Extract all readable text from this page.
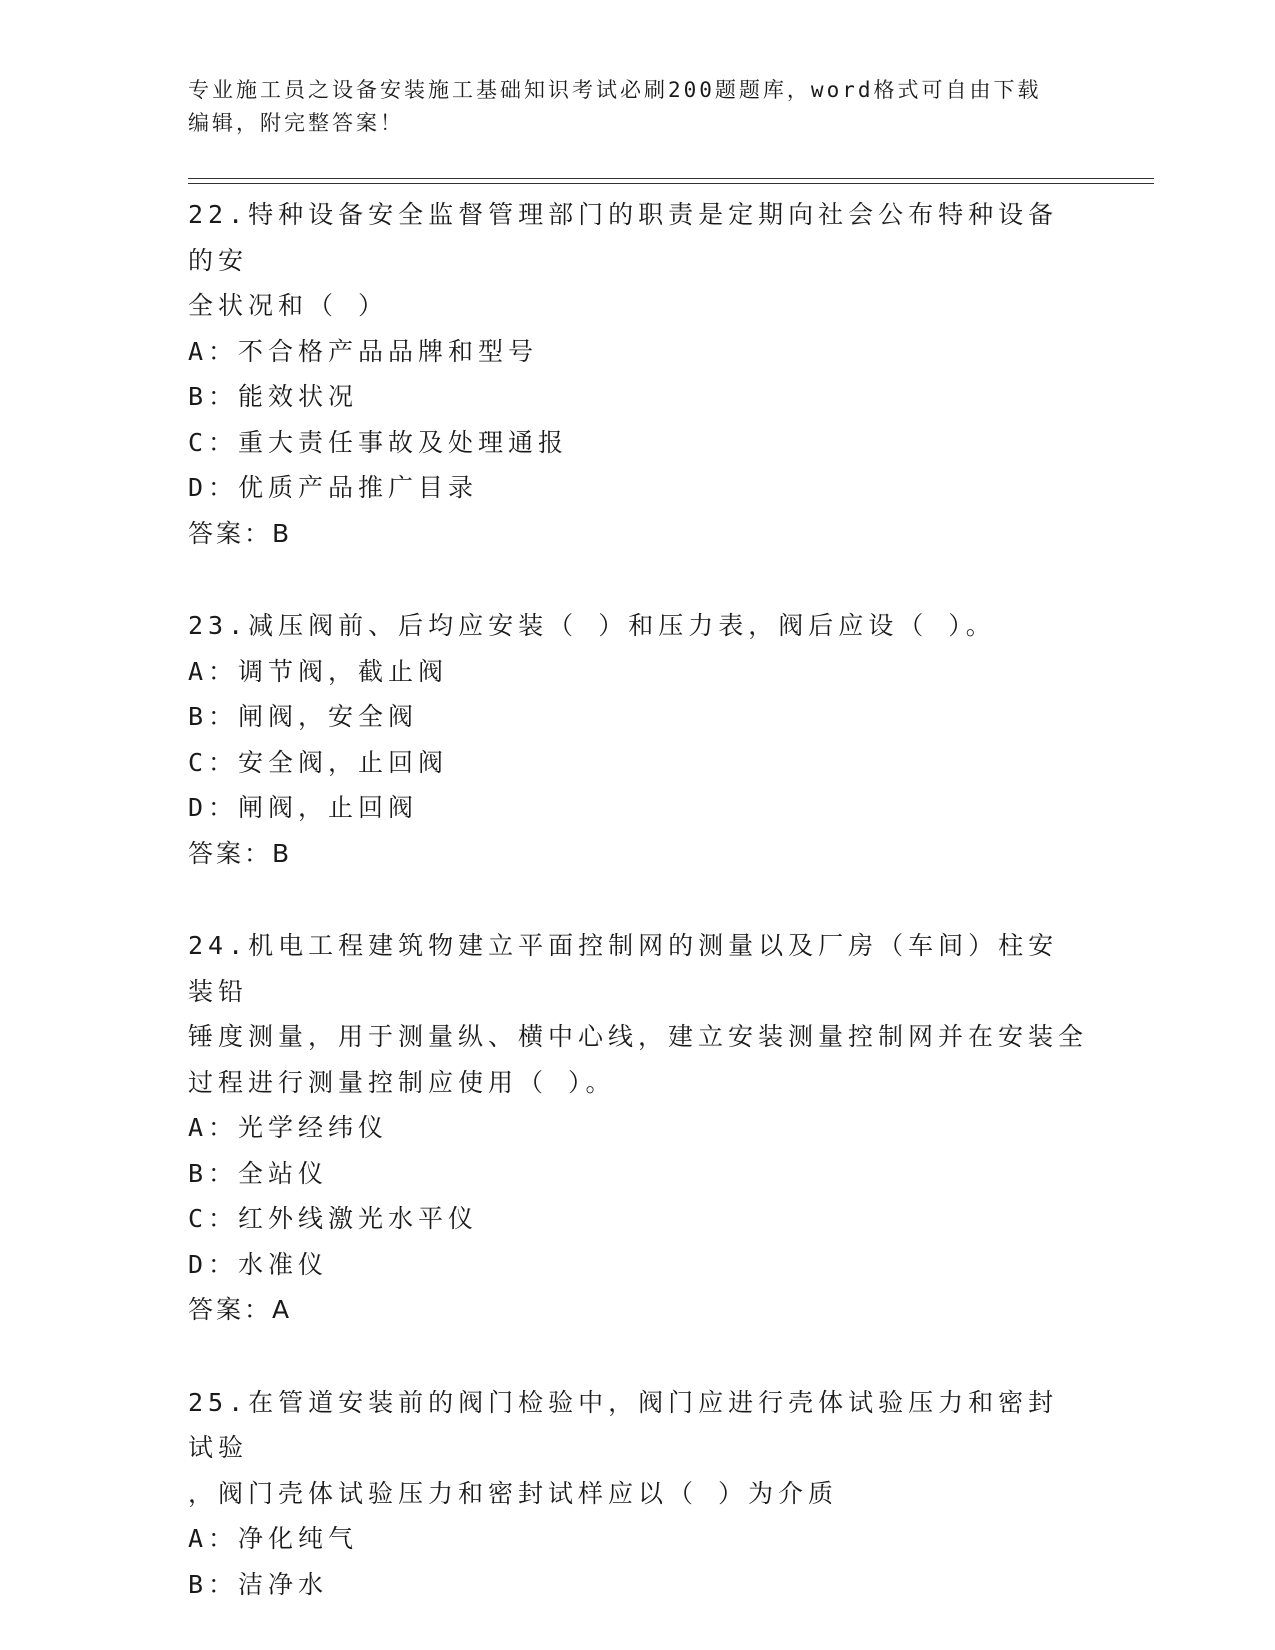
专业施工员之设备安装施工基础知识考试必刷200题题库，word格式可自由下载
编辑，附完整答案！
22.特种设备安全监督管理部门的职责是定期向社会公布特种设备的安
全状况和（ ）
A：不合格产品品牌和型号
B：能效状况
C：重大责任事故及处理通报
D：优质产品推广目录
答案：B
23.减压阀前、后均应安装（ ）和压力表，阀后应设（ ）。
A：调节阀，截止阀
B：闸阀，安全阀
C：安全阀，止回阀
D：闸阀，止回阀
答案：B
24.机电工程建筑物建立平面控制网的测量以及厂房（车间）柱安装铅
锤度测量，用于测量纵、横中心线，建立安装测量控制网并在安装全
过程进行测量控制应使用（ ）。
A：光学经纬仪
B：全站仪
C：红外线激光水平仪
D：水准仪
答案：A
25.在管道安装前的阀门检验中，阀门应进行壳体试验压力和密封试验
，阀门壳体试验压力和密封试样应以（ ）为介质
A：净化纯气
B：洁净水
